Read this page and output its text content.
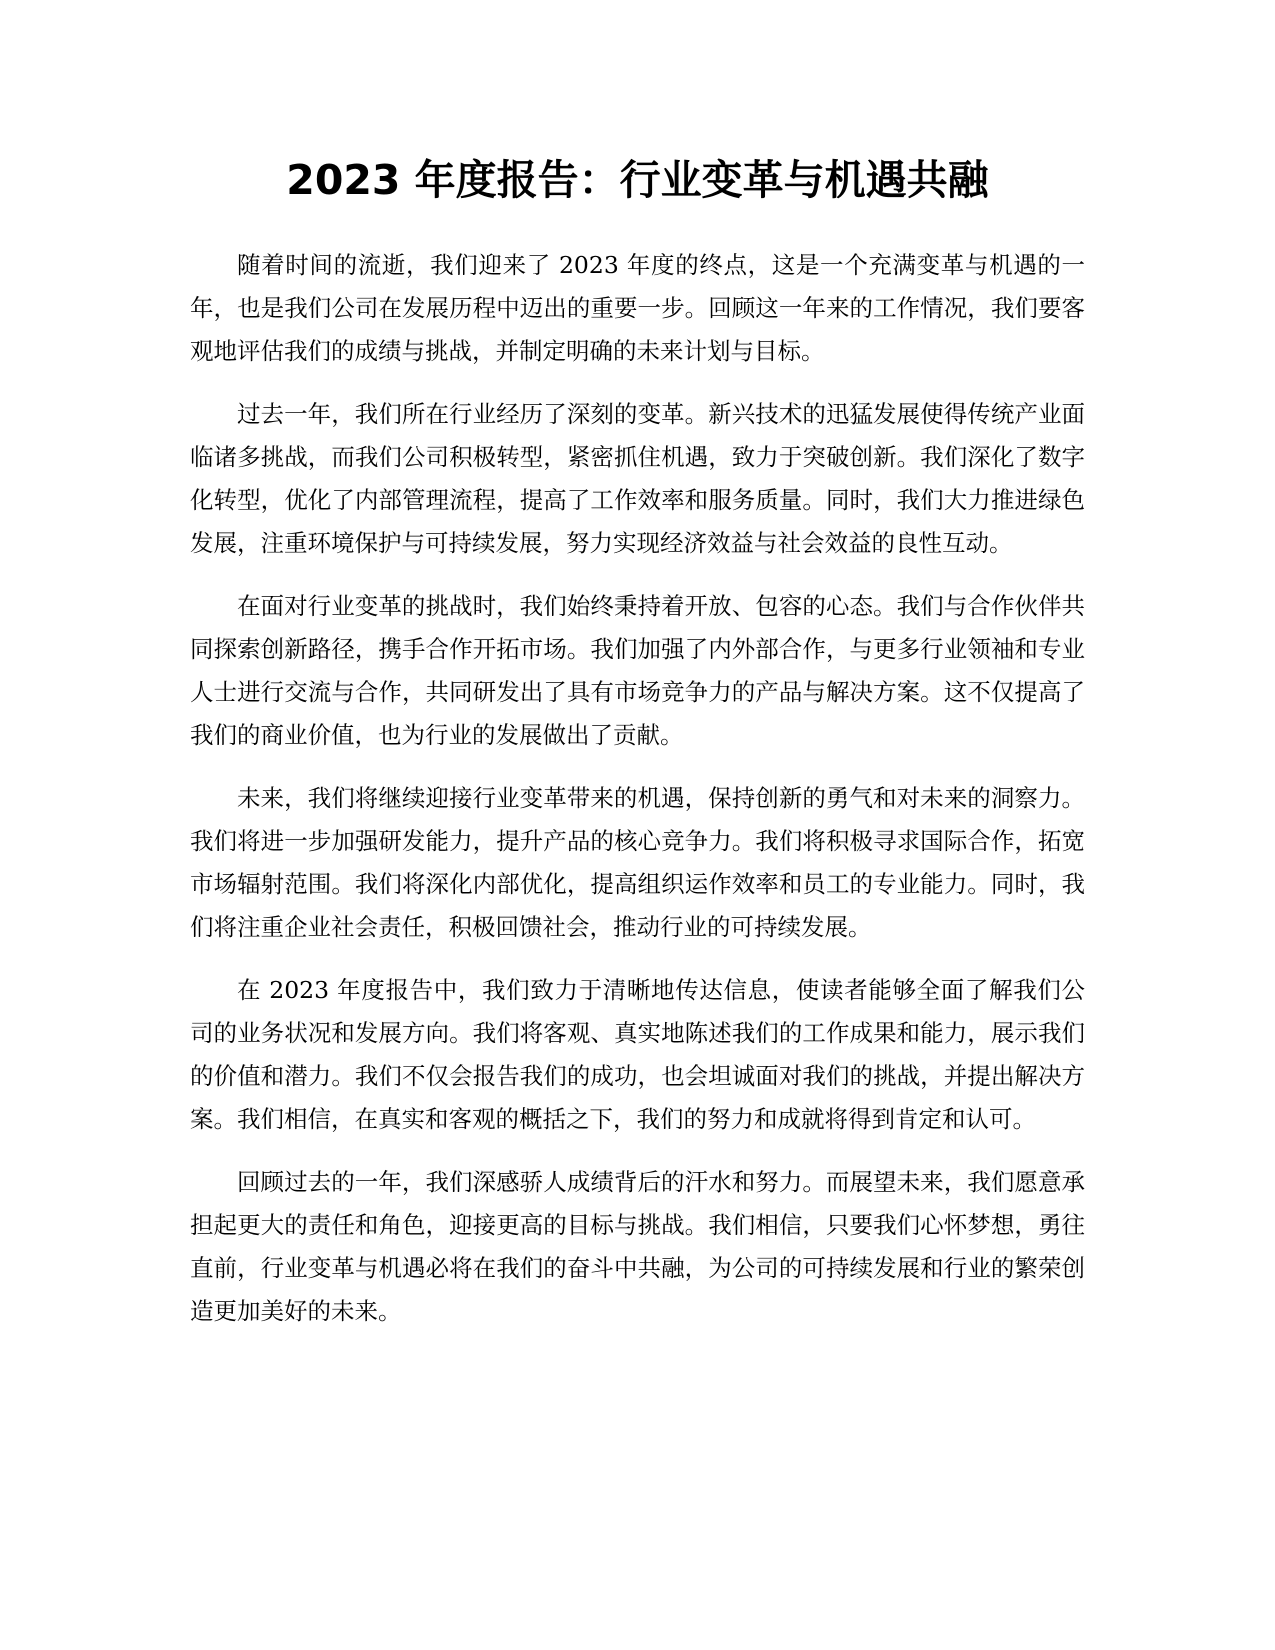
2023 年度报告：行业变革与机遇共融

随着时间的流逝，我们迎来了 2023 年度的终点，这是一个充满变革与机遇的一年，也是我们公司在发展历程中迈出的重要一步。回顾这一年来的工作情况，我们要客观地评估我们的成绩与挑战，并制定明确的未来计划与目标。

过去一年，我们所在行业经历了深刻的变革。新兴技术的迅猛发展使得传统产业面临诸多挑战，而我们公司积极转型，紧密抓住机遇，致力于突破创新。我们深化了数字化转型，优化了内部管理流程，提高了工作效率和服务质量。同时，我们大力推进绿色发展，注重环境保护与可持续发展，努力实现经济效益与社会效益的良性互动。

在面对行业变革的挑战时，我们始终秉持着开放、包容的心态。我们与合作伙伴共同探索创新路径，携手合作开拓市场。我们加强了内外部合作，与更多行业领袖和专业人士进行交流与合作，共同研发出了具有市场竞争力的产品与解决方案。这不仅提高了我们的商业价值，也为行业的发展做出了贡献。

未来，我们将继续迎接行业变革带来的机遇，保持创新的勇气和对未来的洞察力。我们将进一步加强研发能力，提升产品的核心竞争力。我们将积极寻求国际合作，拓宽市场辐射范围。我们将深化内部优化，提高组织运作效率和员工的专业能力。同时，我们将注重企业社会责任，积极回馈社会，推动行业的可持续发展。

在 2023 年度报告中，我们致力于清晰地传达信息，使读者能够全面了解我们公司的业务状况和发展方向。我们将客观、真实地陈述我们的工作成果和能力，展示我们的价值和潜力。我们不仅会报告我们的成功，也会坦诚面对我们的挑战，并提出解决方案。我们相信，在真实和客观的概括之下，我们的努力和成就将得到肯定和认可。

回顾过去的一年，我们深感骄人成绩背后的汗水和努力。而展望未来，我们愿意承担起更大的责任和角色，迎接更高的目标与挑战。我们相信，只要我们心怀梦想，勇往直前，行业变革与机遇必将在我们的奋斗中共融，为公司的可持续发展和行业的繁荣创造更加美好的未来。
